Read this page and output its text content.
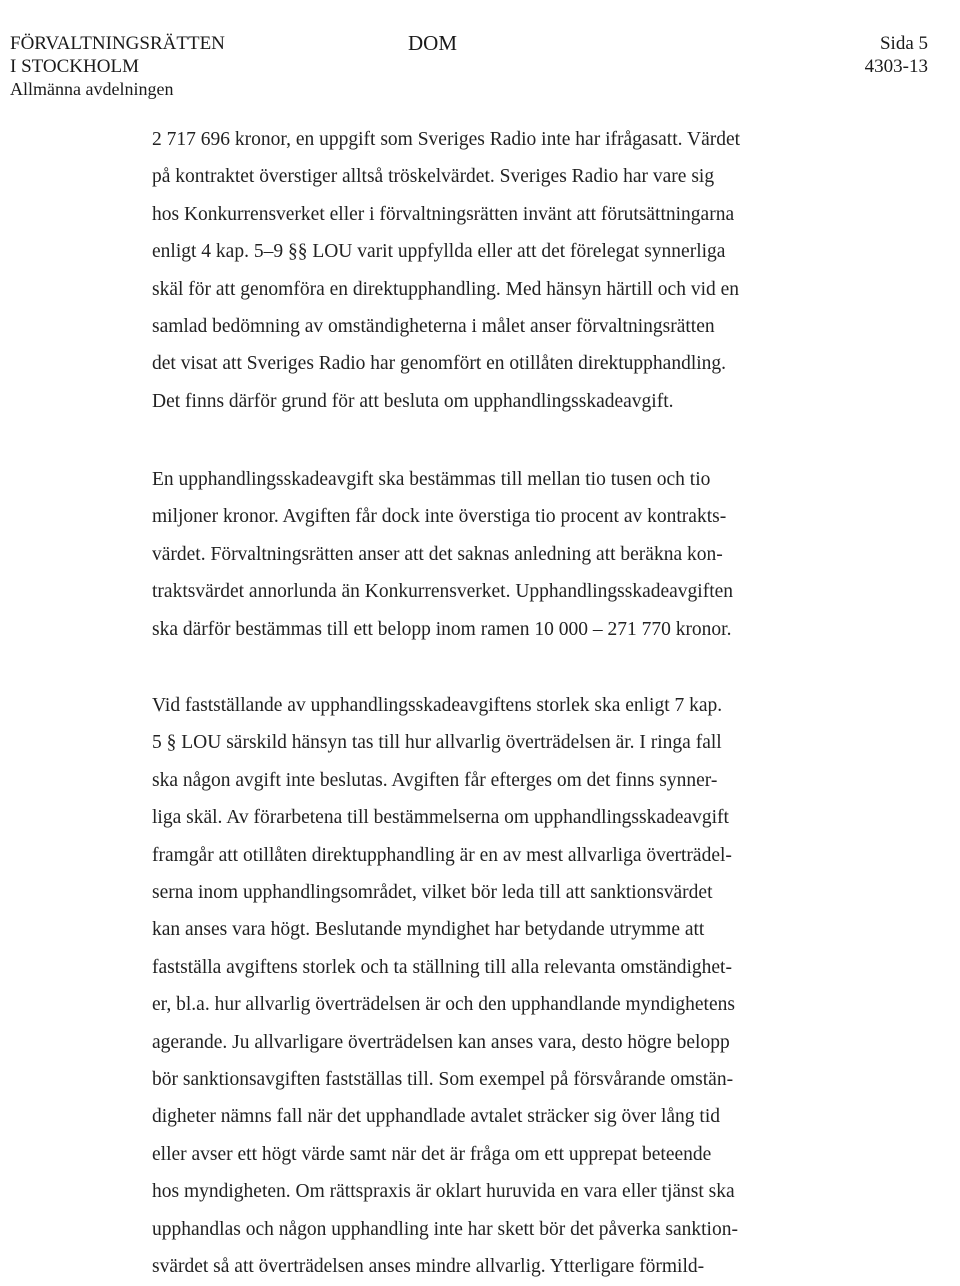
FÖRVALTNINGSRÄTTEN
I STOCKHOLM
Allmänna avdelningen
DOM	Sida 5
4303-13
2 717 696 kronor, en uppgift som Sveriges Radio inte har ifrågasatt. Värdet
på kontraktet överstiger alltså tröskelvärdet. Sveriges Radio har vare sig
hos Konkurrensverket eller i förvaltningsrätten invänt att förutsättningarna
enligt 4 kap. 5–9 §§ LOU varit uppfyllda eller att det förelegat synnerliga
skäl för att genomföra en direktupphandling. Med hänsyn härtill och vid en
samlad bedömning av omständigheterna i målet anser förvaltningsrätten
det visat att Sveriges Radio har genomfört en otillåten direktupphandling.
Det finns därför grund för att besluta om upphandlingsskadeavgift.
En upphandlingsskadeavgift ska bestämmas till mellan tio tusen och tio
miljoner kronor. Avgiften får dock inte överstiga tio procent av kontrakts-
värdet. Förvaltningsrätten anser att det saknas anledning att beräkna kon-
traktsvärdet annorlunda än Konkurrensverket. Upphandlingsskadeavgiften
ska därför bestämmas till ett belopp inom ramen 10 000 – 271 770 kronor.
Vid fastställande av upphandlingsskadeavgiftens storlek ska enligt 7 kap.
5 § LOU särskild hänsyn tas till hur allvarlig överträdelsen är. I ringa fall
ska någon avgift inte beslutas. Avgiften får efterges om det finns synner-
liga skäl. Av förarbetena till bestämmelserna om upphandlingsskadeavgift
framgår att otillåten direktupphandling är en av mest allvarliga överträdel-
serna inom upphandlingsområdet, vilket bör leda till att sanktionsvärdet
kan anses vara högt. Beslutande myndighet har betydande utrymme att
fastställa avgiftens storlek och ta ställning till alla relevanta omständighet-
er, bl.a. hur allvarlig överträdelsen är och den upphandlande myndighetens
agerande. Ju allvarligare överträdelsen kan anses vara, desto högre belopp
bör sanktionsavgiften fastställas till. Som exempel på försvårande omstän-
digheter nämns fall när det upphandlade avtalet sträcker sig över lång tid
eller avser ett högt värde samt när det är fråga om ett upprepat beteende
hos myndigheten. Om rättspraxis är oklart huruvida en vara eller tjänst ska
upphandlas och någon upphandling inte har skett bör det påverka sanktion-
svärdet så att överträdelsen anses mindre allvarlig. Ytterligare förmild-
